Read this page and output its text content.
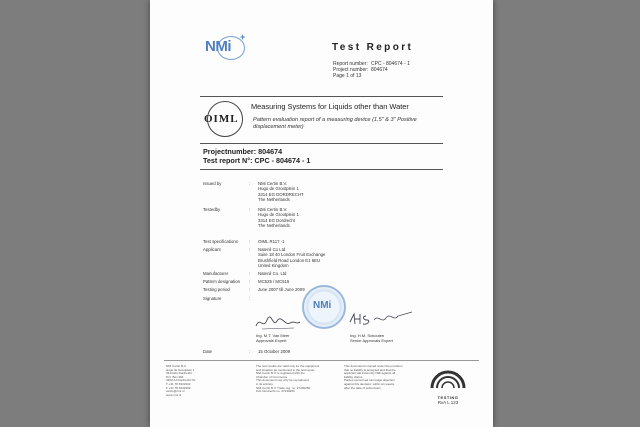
NMi
+
Test Report
Report number: CPC - 804674 - 1
Project number: 804674
Page 1 of 13
OIML
Measuring Systems for Liquids other than Water
Pattern evaluation report of a measuring device (1.5" & 3" Positive displacement meter)
Projectnumber: 804674
Test report N°: CPC - 804674 - 1
Issued by	: NMi Certin B.V.
Hugo de Grootplein 1
3314 EG DORDRECHT
The Netherlands
Testedby	: NMi Certin B.V.
Hugo de Grootplein 1
3314 EG Dordrecht
The Netherlands
Test specifications	: OIML R117 -1
Applicant	: Natenil Co Ltd
Suite 18 40 London Fruit Exchange
Brushfield Road London E1 6EU
United Kingdom
Manufacturer	: Natenil Co. Ltd
Pattern designation	: MC525 / MC515
Testing period	: June 2007 till June 2009
Signature	:
NMi
Ing. M.T. Van Meer
Approvals Expert
Ing. H.M. Schouten
Senior Approvals Expert
Date	: 15 October 2009
NMi Certin B.V.
Hugo de Grootplein 1
3314 EG Dordrecht
P.O. Box 394
3300 AJ Dordrecht NL
T +31 78 6332332
F +31 78 6332309
certin@nmi.nl
www.nmi.nl
The test results are valid only for the equipment
and situation as mentioned in the test report.
NMi Certin B.V. is registered with the
Chamber of Commerce
This document may only be reproduced
in its entirety.
NMi Certin B.V. Trade reg. no. 27230250
KvK Dordrecht no. 27230250
This document is issued under the provision
that no liability is accepted and that the
applicant will indemnify NMi against all
liability claims.
Parties concerned can lodge objection
against this decision, within six weeks
after the date of submission.
TESTING
RvA L 123
